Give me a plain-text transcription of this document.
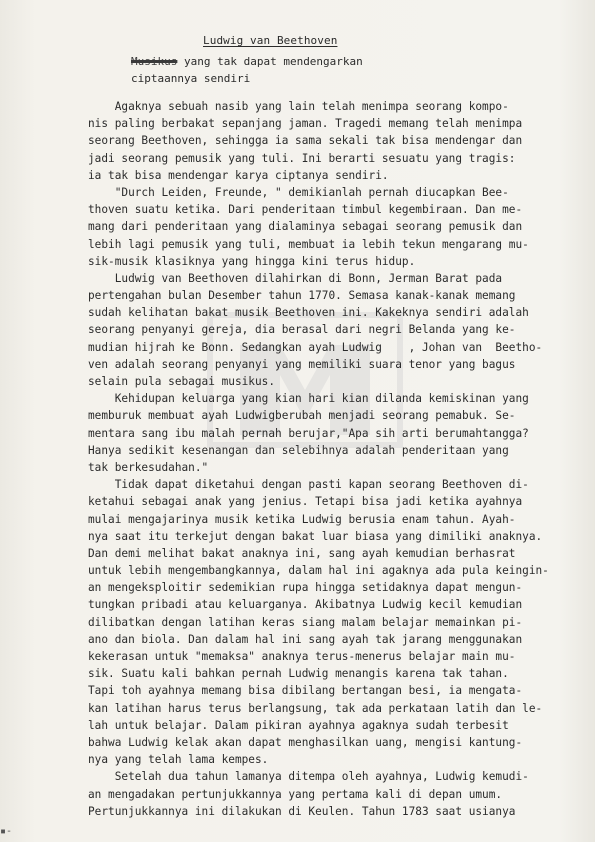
Ludwig van Beethoven
Musikus yang tak dapat mendengarkan
ciptaannya sendiri
Agaknya sebuah nasib yang lain telah menimpa seorang kompo-
nis paling berbakat sepanjang jaman. Tragedi memang telah menimpa
seorang Beethoven, sehingga ia sama sekali tak bisa mendengar dan
jadi seorang pemusik yang tuli. Ini berarti sesuatu yang tragis:
ia tak bisa mendengar karya ciptanya sendiri.
"Durch Leiden, Freunde, " demikianlah pernah diucapkan Bee-
thoven suatu ketika. Dari penderitaan timbul kegembiraan. Dan me-
mang dari penderitaan yang dialaminya sebagai seorang pemusik dan
lebih lagi pemusik yang tuli, membuat ia lebih tekun mengarang mu-
sik-musik klasiknya yang hingga kini terus hidup.
Ludwig van Beethoven dilahirkan di Bonn, Jerman Barat pada
pertengahan bulan Desember tahun 1770. Semasa kanak-kanak memang
sudah kelihatan bakat musik Beethoven ini. Kakeknya sendiri adalah
seorang penyanyi gereja, dia berasal dari negri Belanda yang ke-
mudian hijrah ke Bonn. Sedangkan ayah Ludwig    , Johan van  Beetho-
ven adalah seorang penyanyi yang memiliki suara tenor yang bagus
selain pula sebagai musikus.
Kehidupan keluarga yang kian hari kian dilanda kemiskinan yang
memburuk membuat ayah Ludwigberubah menjadi seorang pemabuk. Se-
mentara sang ibu malah pernah berujar,"Apa sih arti berumahtangga?
Hanya sedikit kesenangan dan selebihnya adalah penderitaan yang
tak berkesudahan."
Tidak dapat diketahui dengan pasti kapan seorang Beethoven di-
ketahui sebagai anak yang jenius. Tetapi bisa jadi ketika ayahnya
mulai mengajarinya musik ketika Ludwig berusia enam tahun. Ayah-
nya saat itu terkejut dengan bakat luar biasa yang dimiliki anaknya.
Dan demi melihat bakat anaknya ini, sang ayah kemudian berhasrat
untuk lebih mengembangkannya, dalam hal ini agaknya ada pula keingin-
an mengeksploitir sedemikian rupa hingga setidaknya dapat mengun-
tungkan pribadi atau keluarganya. Akibatnya Ludwig kecil kemudian
dilibatkan dengan latihan keras siang malam belajar memainkan pi-
ano dan biola. Dan dalam hal ini sang ayah tak jarang menggunakan
kekerasan untuk "memaksa" anaknya terus-menerus belajar main mu-
sik. Suatu kali bahkan pernah Ludwig menangis karena tak tahan.
Tapi toh ayahnya memang bisa dibilang bertangan besi, ia mengata-
kan latihan harus terus berlangsung, tak ada perkataan latih dan le-
lah untuk belajar. Dalam pikiran ayahnya agaknya sudah terbesit
bahwa Ludwig kelak akan dapat menghasilkan uang, mengisi kantung-
nya yang telah lama kempes.
Setelah dua tahun lamanya ditempa oleh ayahnya, Ludwig kemudi-
an mengadakan pertunjukkannya yang pertama kali di depan umum.
Pertunjukkannya ini dilakukan di Keulen. Tahun 1783 saat usianya
▪-
